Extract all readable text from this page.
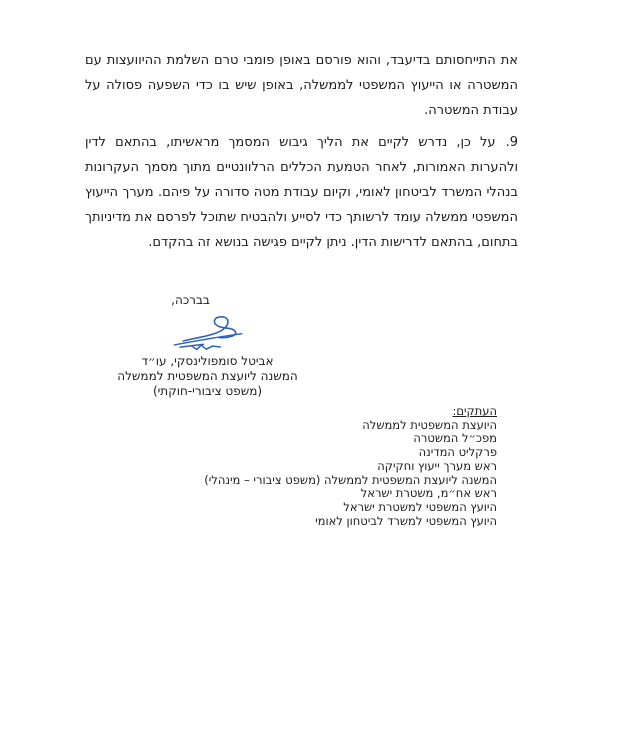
את התייחסותם בדיעבד, והוא פורסם באופן פומבי טרם השלמת ההיוועצות עם המשטרה או הייעוץ המשפטי לממשלה, באופן שיש בו כדי השפעה פסולה על עבודת המשטרה.
9.על כן, נדרש לקיים את הליך גיבוש המסמך מראשיתו, בהתאם לדין ולהערות האמורות, לאחר הטמעת הכללים הרלוונטיים מתוך מסמך העקרונות בנהלי המשרד לביטחון לאומי, וקיום עבודת מטה סדורה על פיהם. מערך הייעוץ המשפטי ממשלה עומד לרשותך כדי לסייע ולהבטיח שתוכל לפרסם את מדיניותך בתחום, בהתאם לדרישות הדין. ניתן לקיים פגישה בנושא זה בהקדם.
בברכה,
אביטל סומפולינסקי, עו״ד
המשנה ליועצת המשפטית לממשלה
(משפט ציבורי-חוקתי)
העתקים:
היועצת המשפטית לממשלה
מפכ״ל המשטרה
פרקליט המדינה
ראש מערך ייעוץ וחקיקה
המשנה ליועצת המשפטית לממשלה (משפט ציבורי – מינהלי)
ראש אח״מ, משטרת ישראל
היועץ המשפטי למשטרת ישראל
היועץ המשפטי למשרד לביטחון לאומי
